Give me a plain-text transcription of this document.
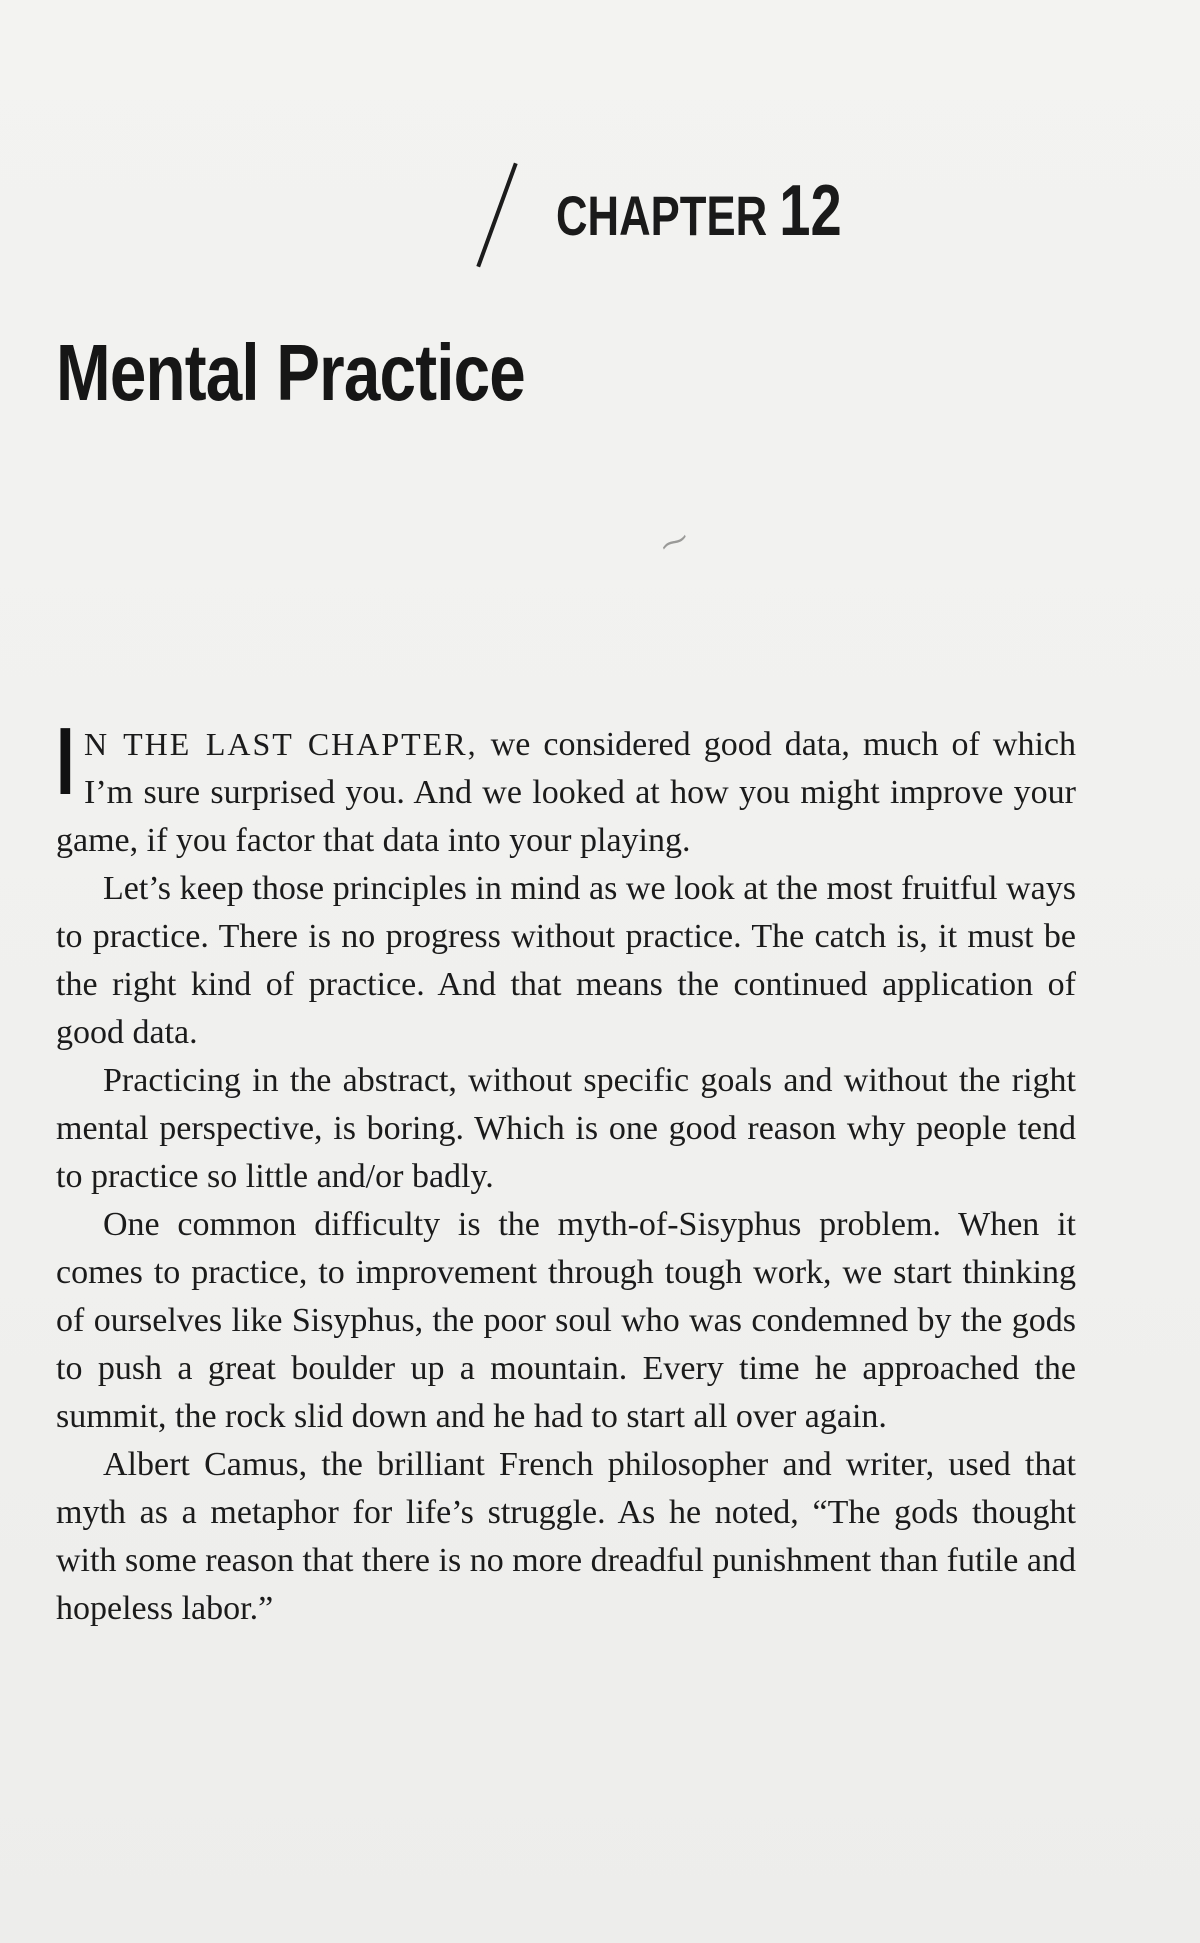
CHAPTER 12
Mental Practice
⁓

I N THE LAST CHAPTER, we considered good data, much of which I’m sure surprised you. And we looked at how you might improve your game, if you factor that data into your playing.

Let’s keep those principles in mind as we look at the most fruitful ways to practice. There is no progress without practice. The catch is, it must be the right kind of practice. And that means the continued application of good data.

Practicing in the abstract, without specific goals and without the right mental perspective, is boring. Which is one good reason why people tend to practice so little and/or badly.

One common difficulty is the myth-of-Sisyphus problem. When it comes to practice, to improvement through tough work, we start thinking of ourselves like Sisyphus, the poor soul who was condemned by the gods to push a great boulder up a mountain. Every time he approached the summit, the rock slid down and he had to start all over again.

Albert Camus, the brilliant French philosopher and writer, used that myth as a metaphor for life’s struggle. As he noted, “The gods thought with some reason that there is no more dreadful punishment than futile and hopeless labor.”
